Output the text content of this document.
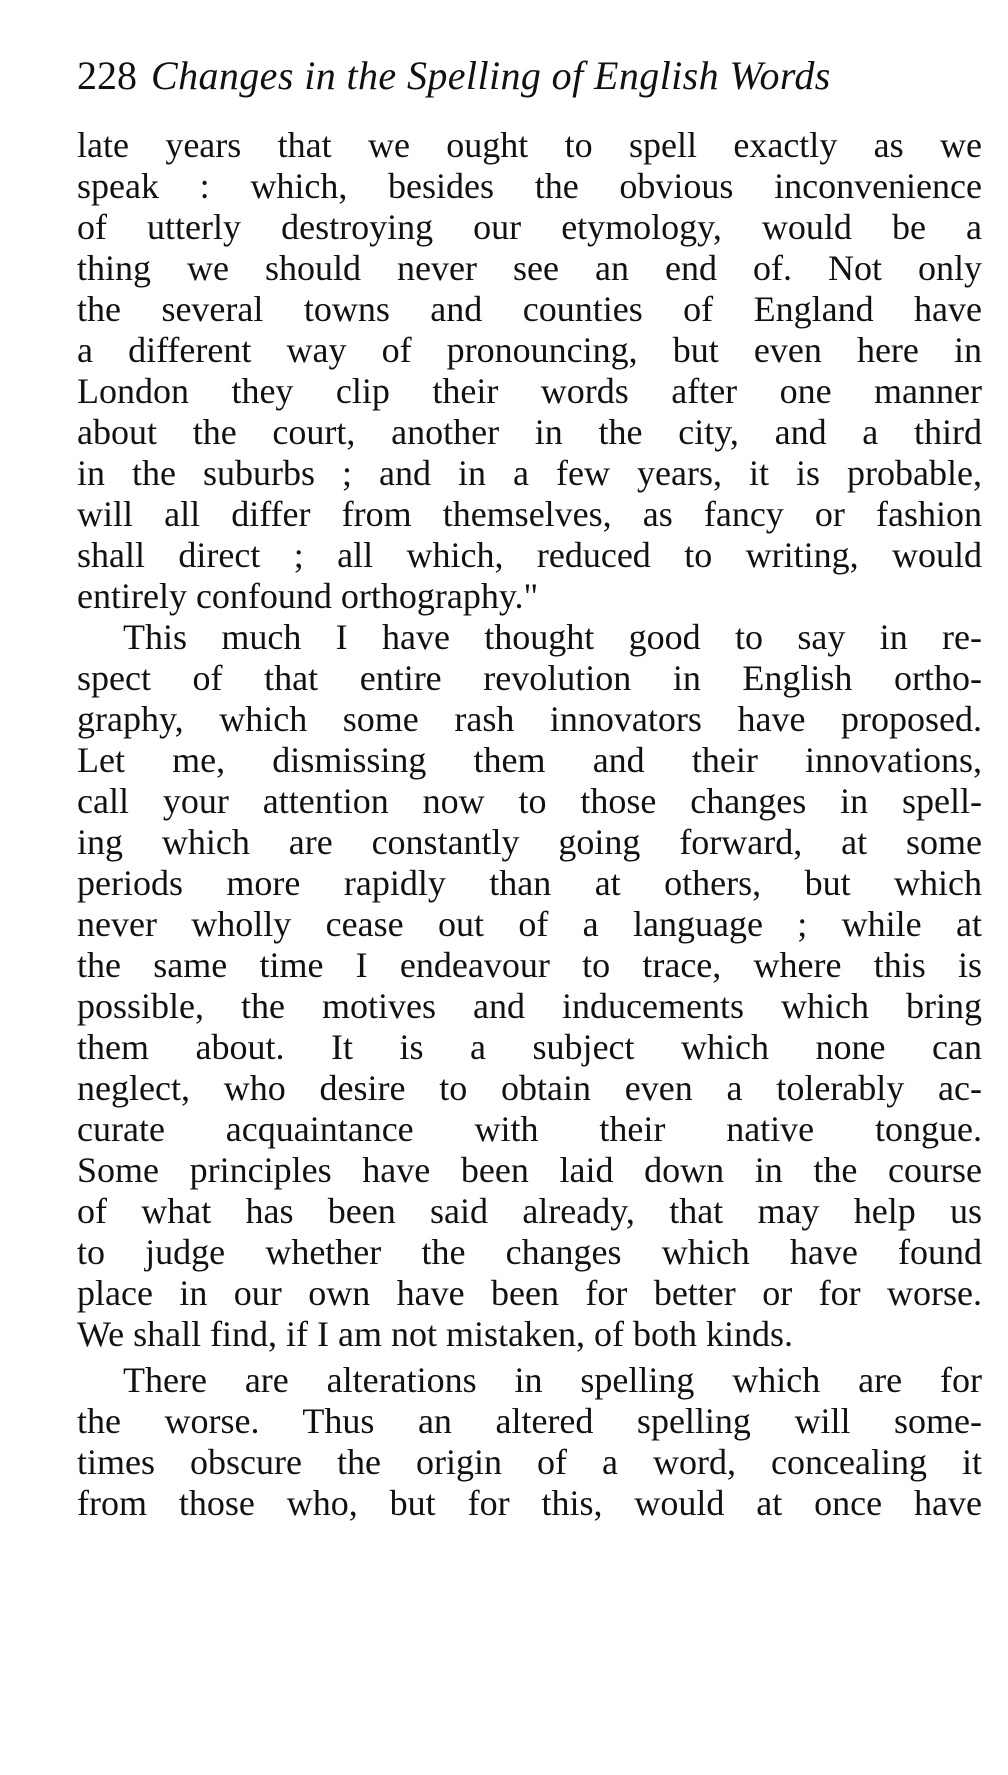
228 Changes in the Spelling of English Words
late years that we ought to spell exactly as we
speak : which, besides the obvious inconvenience
of utterly destroying our etymology, would be a
thing we should never see an end of. Not only
the several towns and counties of England have
a different way of pronouncing, but even here in
London they clip their words after one manner
about the court, another in the city, and a third
in the suburbs ; and in a few years, it is probable,
will all differ from themselves, as fancy or fashion
shall direct ; all which, reduced to writing, would
entirely confound orthography."
This much I have thought good to say in re-
spect of that entire revolution in English ortho-
graphy, which some rash innovators have proposed.
Let me, dismissing them and their innovations,
call your attention now to those changes in spell-
ing which are constantly going forward, at some
periods more rapidly than at others, but which
never wholly cease out of a language ; while at
the same time I endeavour to trace, where this is
possible, the motives and inducements which bring
them about. It is a subject which none can
neglect, who desire to obtain even a tolerably ac-
curate acquaintance with their native tongue.
Some principles have been laid down in the course
of what has been said already, that may help us
to judge whether the changes which have found
place in our own have been for better or for worse.
We shall find, if I am not mistaken, of both kinds.
There are alterations in spelling which are for
the worse. Thus an altered spelling will some-
times obscure the origin of a word, concealing it
from those who, but for this, would at once have
